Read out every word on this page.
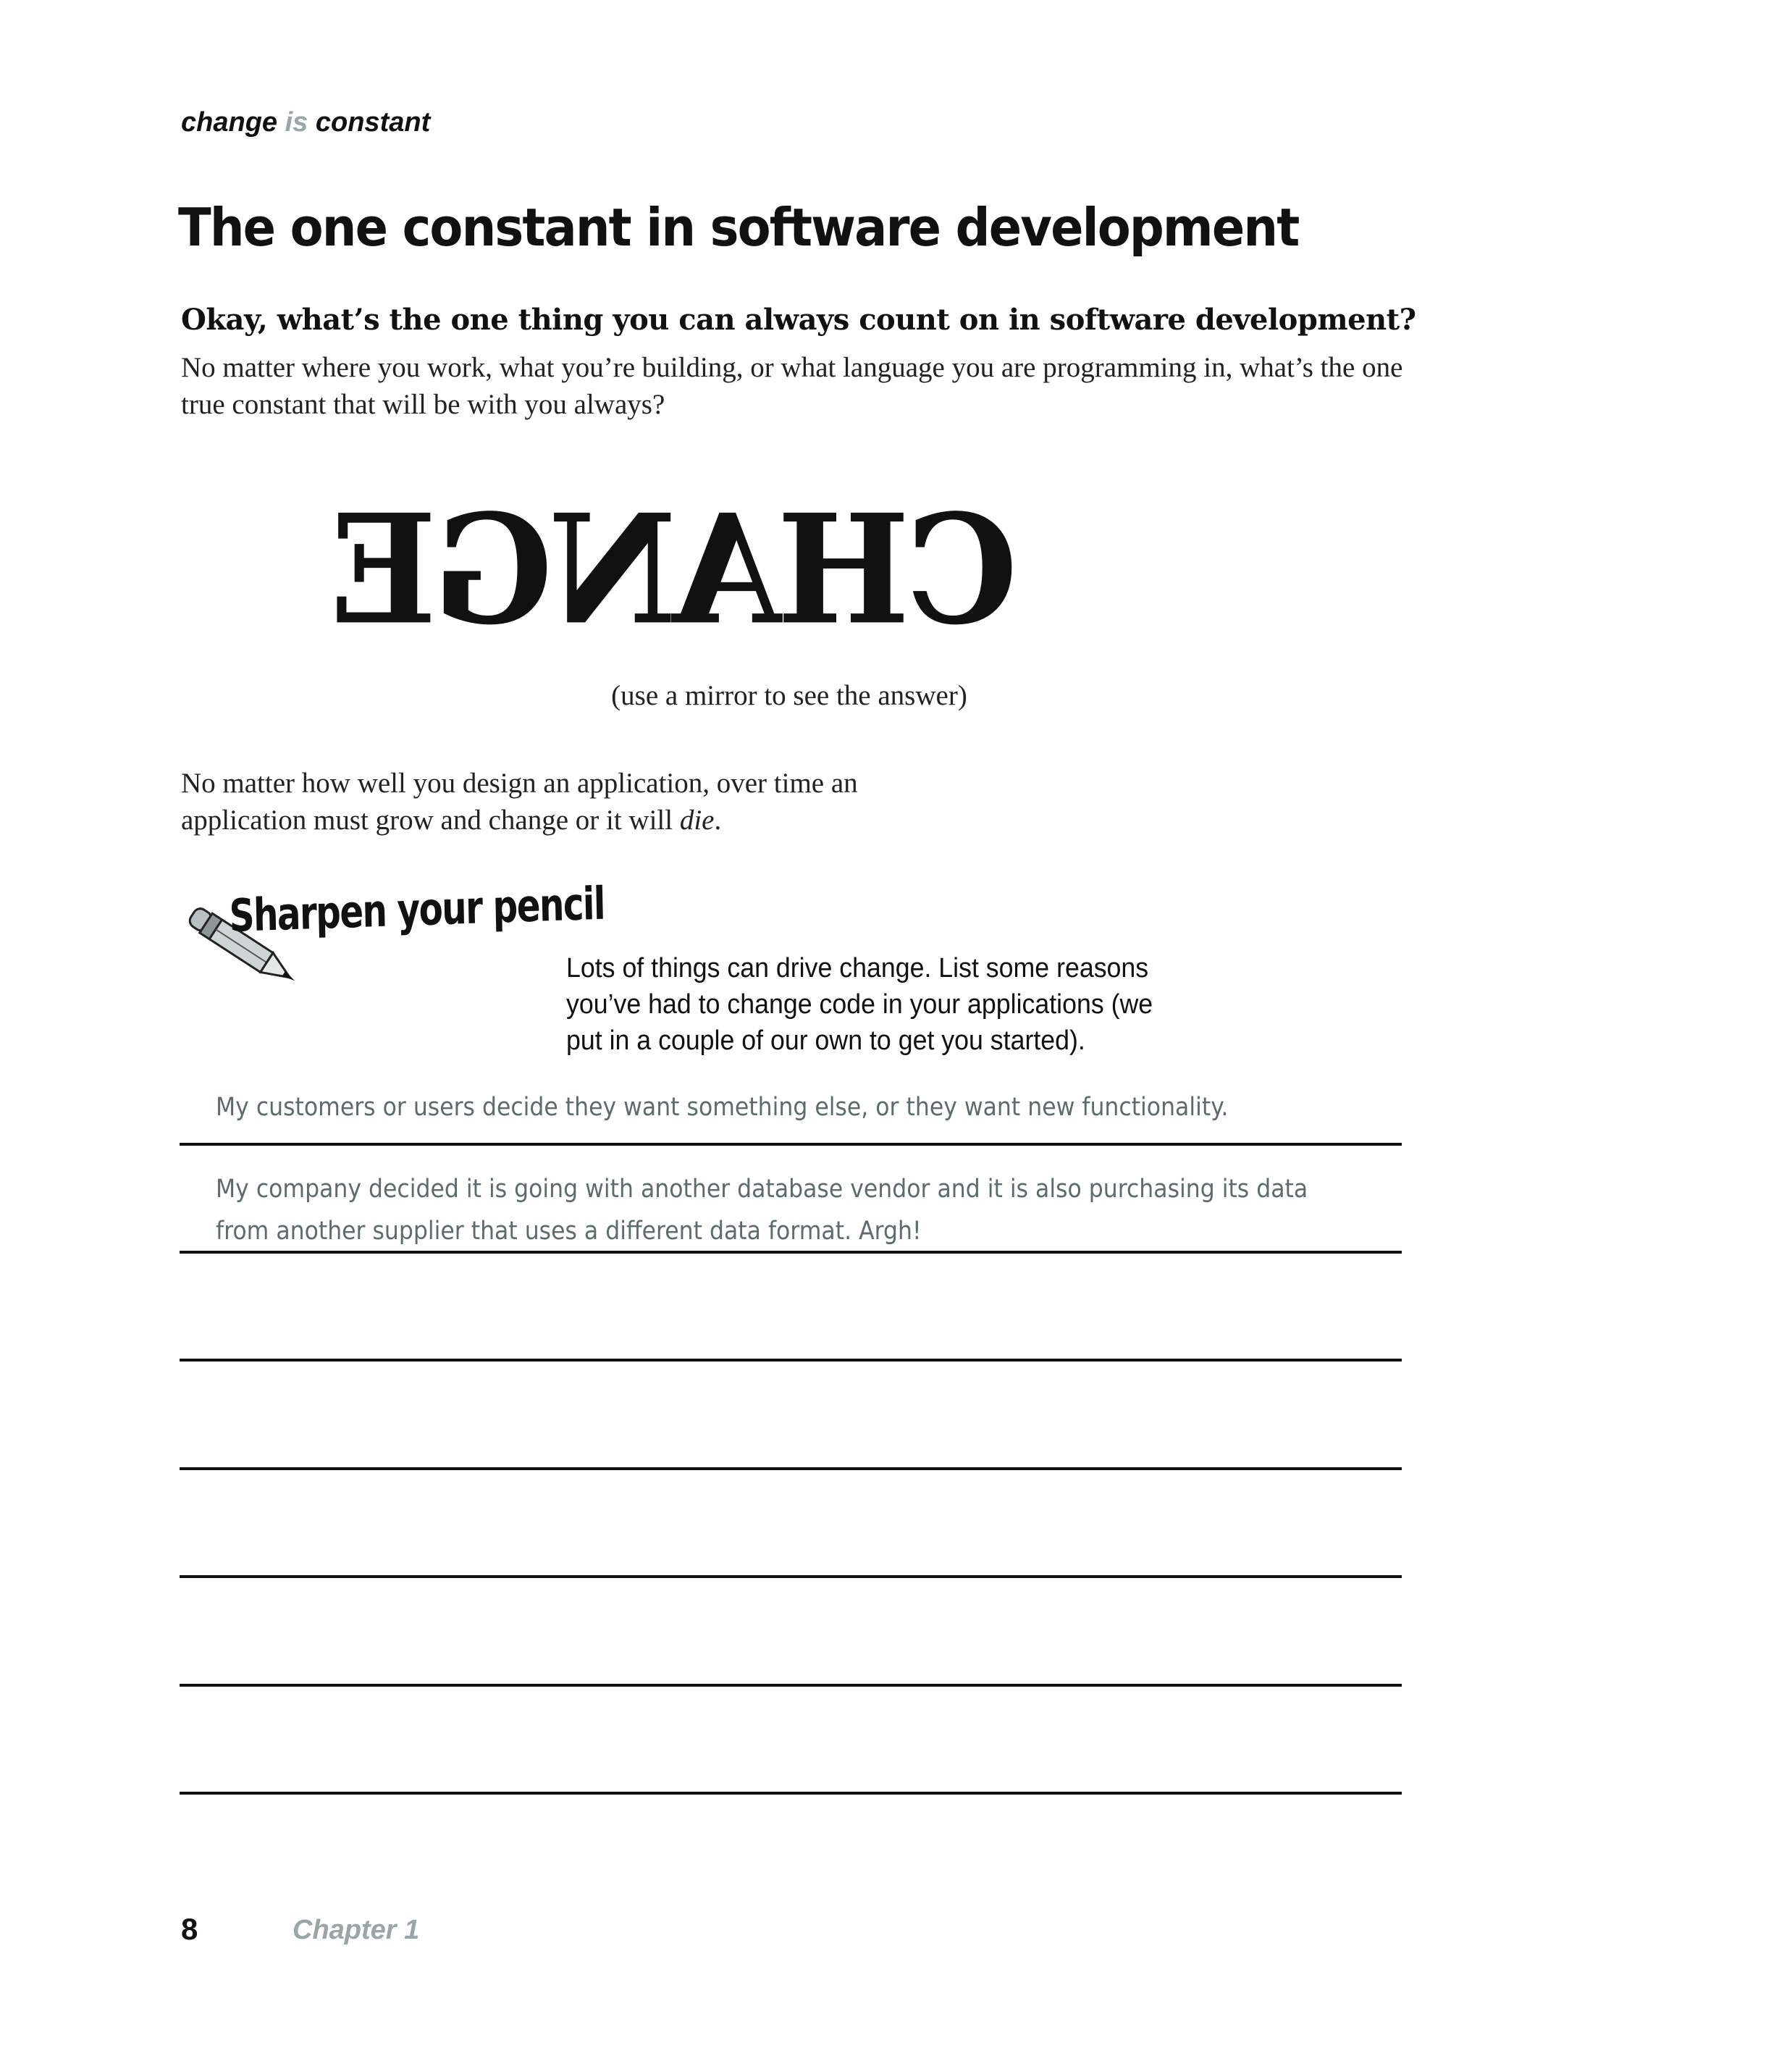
change is constant
The one constant in software development
Okay, what’s the one thing you can always count on in software development?
No matter where you work, what you’re building, or what language you are programming in, what’s the one true constant that will be with you always?
CHANGE
(use a mirror to see the answer)
No matter how well you design an application, over time an application must grow and change or it will die.
Sharpen your pencil
Lots of things can drive change. List some reasons you’ve had to change code in your applications (we put in a couple of our own to get you started).
My customers or users decide they want something else, or they want new functionality.
My company decided it is going with another database vendor and it is also purchasing its data from another supplier that uses a different data format. Argh!
8	Chapter 1
